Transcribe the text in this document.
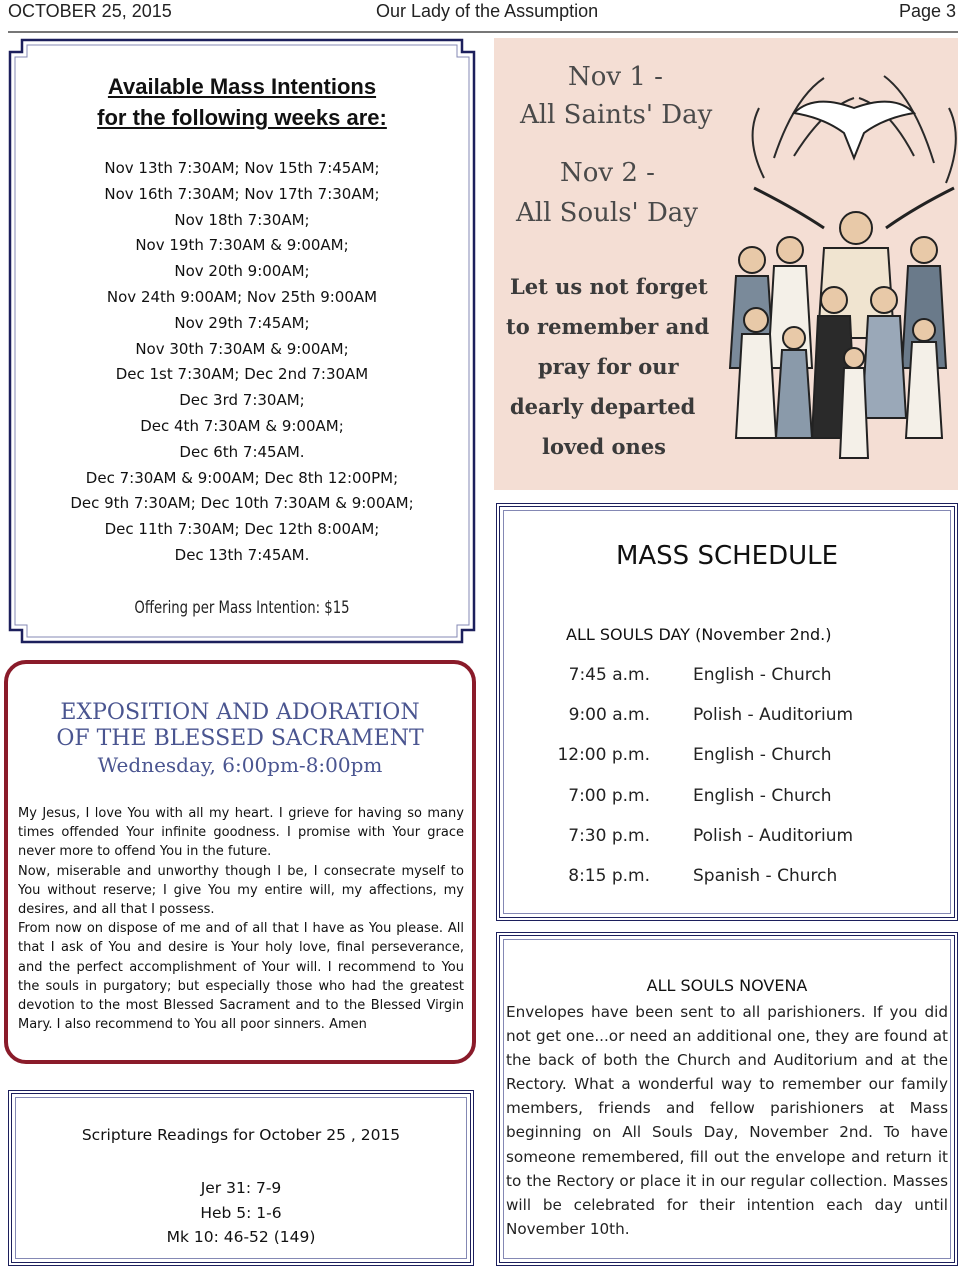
OCTOBER 25, 2015	Our Lady of the Assumption	Page 3
Available Mass Intentions
for the following weeks are:
Nov 13th 7:30AM; Nov 15th 7:45AM;
Nov 16th 7:30AM; Nov 17th 7:30AM;
Nov 18th 7:30AM;
Nov 19th 7:30AM & 9:00AM;
Nov 20th 9:00AM;
Nov 24th 9:00AM; Nov 25th 9:00AM
Nov 29th 7:45AM;
Nov 30th 7:30AM & 9:00AM;
Dec 1st 7:30AM; Dec 2nd 7:30AM
Dec 3rd 7:30AM;
Dec 4th 7:30AM & 9:00AM;
Dec 6th 7:45AM.
Dec 7:30AM & 9:00AM; Dec 8th 12:00PM;
Dec 9th 7:30AM; Dec 10th 7:30AM & 9:00AM;
Dec 11th 7:30AM; Dec 12th 8:00AM;
Dec 13th 7:45AM.
Offering per Mass Intention: $15
EXPOSITION AND ADORATION
OF THE BLESSED SACRAMENT
Wednesday, 6:00pm-8:00pm
My Jesus, I love You with all my heart. I grieve for having so many times offended Your infinite goodness. I promise with Your grace never more to offend You in the future.
Now, miserable and unworthy though I be, I consecrate myself to You without reserve; I give You my entire will, my affections, my desires, and all that I possess.
From now on dispose of me and of all that I have as You please. All that I ask of You and desire is Your holy love, final perseverance, and the perfect accomplishment of Your will. I recommend to You the souls in purgatory; but especially those who had the greatest devotion to the most Blessed Sacrament and to the Blessed Virgin Mary. I also recommend to You all poor sinners. Amen
Scripture Readings for October 25 , 2015
Jer 31: 7-9
Heb 5: 1-6
Mk 10: 46-52 (149)
Nov 1 -
All Saints' Day
Nov 2 -
All Souls' Day
Let us not forget
to remember and
pray for our
dearly departed
loved ones
MASS SCHEDULE
ALL SOULS DAY (November 2nd.)
7:45 a.m.	English - Church
9:00 a.m.	Polish - Auditorium
12:00 p.m.	English - Church
7:00 p.m.	English - Church
7:30 p.m.	Polish - Auditorium
8:15 p.m.	Spanish - Church
ALL SOULS NOVENA
Envelopes have been sent to all parishioners. If you did not get one...or need an additional one, they are found at the back of both the Church and Auditorium and at the Rectory. What a wonderful way to remember our family members, friends and fellow parishioners at Mass beginning on All Souls Day, November 2nd. To have someone remembered, fill out the envelope and return it to the Rectory or place it in our regular collection. Masses will be celebrated for their intention each day until November 10th.
